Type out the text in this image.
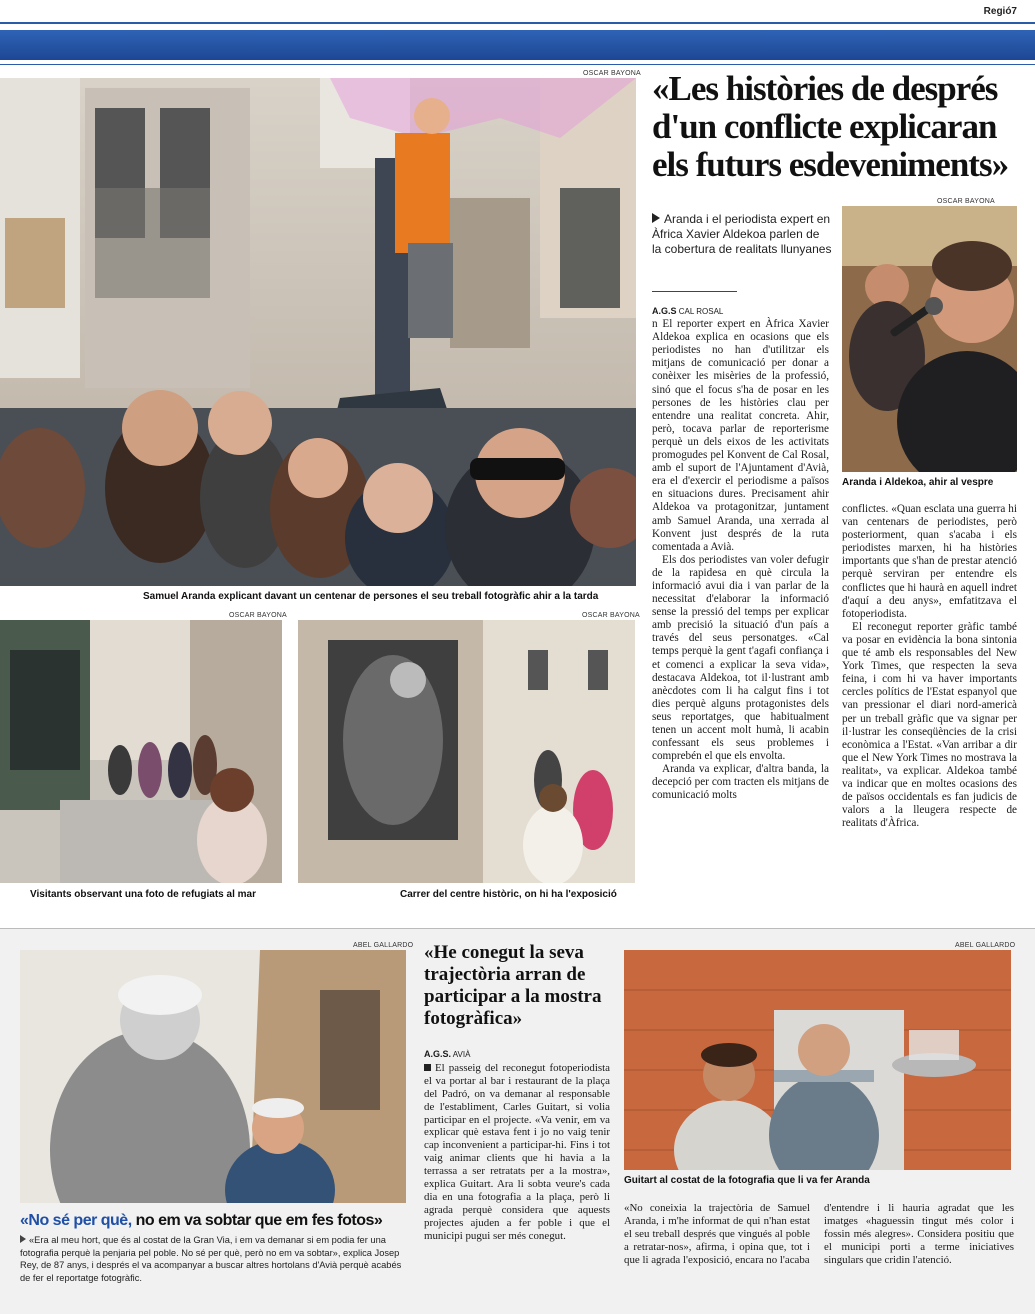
Regió7
OSCAR BAYONA
Samuel Aranda explicant davant un centenar de persones el seu treball fotogràfic ahir a la tarda
«Les històries de després
d'un conflicte explicaran
els futurs esdeveniments»
Aranda i el periodista expert en Àfrica Xavier Aldekoa parlen de la cobertura de realitats llunyanes
OSCAR BAYONA
Aranda i Aldekoa, ahir al vespre
A.G.S CAL ROSAL

n El reporter expert en Àfrica Xavier Aldekoa explica en ocasions que els periodistes no han d'utilitzar els mitjans de comunicació per donar a conèixer les misèries de la professió, sinó que el focus s'ha de posar en les persones de les històries clau per entendre una realitat concreta. Ahir, però, tocava parlar de reporterisme perquè un dels eixos de les activitats promogudes pel Konvent de Cal Rosal, amb el suport de l'Ajuntament d'Avià, era el d'exercir el periodisme a països en situacions dures. Precisament ahir Aldekoa va protagonitzar, juntament amb Samuel Aranda, una xerrada al Konvent just després de la ruta comentada a Avià.

Els dos periodistes van voler defugir de la rapidesa en què circula la informació avui dia i van parlar de la necessitat d'elaborar la informació sense la pressió del temps per explicar amb precisió la situació d'un país a través del seus personatges. «Cal temps perquè la gent t'agafi confiança i et comenci a explicar la seva vida», destacava Aldekoa, tot il·lustrant amb anècdotes com li ha calgut fins i tot dies perquè alguns protagonistes dels seus reportatges, que habitualment tenen un accent molt humà, li acabin confessant els seus problemes i comprebén el que els envolta.

Aranda va explicar, d'altra banda, la decepció per com tracten els mitjans de comunicació molts

conflictes. «Quan esclata una guerra hi van centenars de periodistes, però posteriorment, quan s'acaba i els periodistes marxen, hi ha històries importants que s'han de prestar atenció perquè serviran per entendre els conflictes que hi haurà en aquell indret d'aquí a deu anys», emfatitzava el fotoperiodista.

El reconegut reporter gràfic també va posar en evidència la bona sintonia que té amb els responsables del New York Times, que respecten la seva feina, i com hi va haver importants cercles polítics de l'Estat espanyol que van pressionar el diari nord-americà per un treball gràfic que va signar per il·lustrar les conseqüències de la crisi econòmica a l'Estat. «Van arribar a dir que el New York Times no mostrava la realitat», va explicar. Aldekoa també va indicar que en moltes ocasions des de països occidentals es fan judicis de valors a la lleugera respecte de realitats d'Àfrica.

OSCAR BAYONA
Visitants observant una foto de refugiats al mar
OSCAR BAYONA
Carrer del centre històric, on hi ha l'exposició
ABEL GALLARDO
«No sé per què, no em va sobtar que em fes fotos»
«Era al meu hort, que és al costat de la Gran Via, i em va demanar si em podia fer una fotografia perquè la penjaria pel poble. No sé per què, però no em va sobtar», explica Josep Rey, de 87 anys, i després el va acompanyar a buscar altres hortolans d'Avià perquè acabés de fer el reportatge fotogràfic.
«He conegut la seva trajectòria arran de participar a la mostra fotogràfica»
A.G.S. AVIÀ

El passeig del reconegut fotoperiodista el va portar al bar i restaurant de la plaça del Padró, on va demanar al responsable de l'establiment, Carles Guitart, si volia participar en el projecte. «Va venir, em va explicar què estava fent i jo no vaig tenir cap inconvenient a participar-hi. Fins i tot vaig animar clients que hi havia a la terrassa a ser retratats per a la mostra», explica Guitart. Ara li sobta veure's cada dia en una fotografia a la plaça, però li agrada perquè considera que aquests projectes ajuden a fer poble i que el municipi pugui ser més conegut.

ABEL GALLARDO
Guitart al costat de la fotografia que li va fer Aranda

«No coneixia la trajectòria de Samuel Aranda, i m'he informat de qui n'han estat el seu treball després que vingués al poble a retratar-nos», afirma, i opina que, tot i que li agrada l'exposició, encara no l'acaba

d'entendre i li hauria agradat que les imatges «haguessin tingut més color i fossin més alegres». Considera positiu que el municipi porti a terme iniciatives singulars que cridin l'atenció.
